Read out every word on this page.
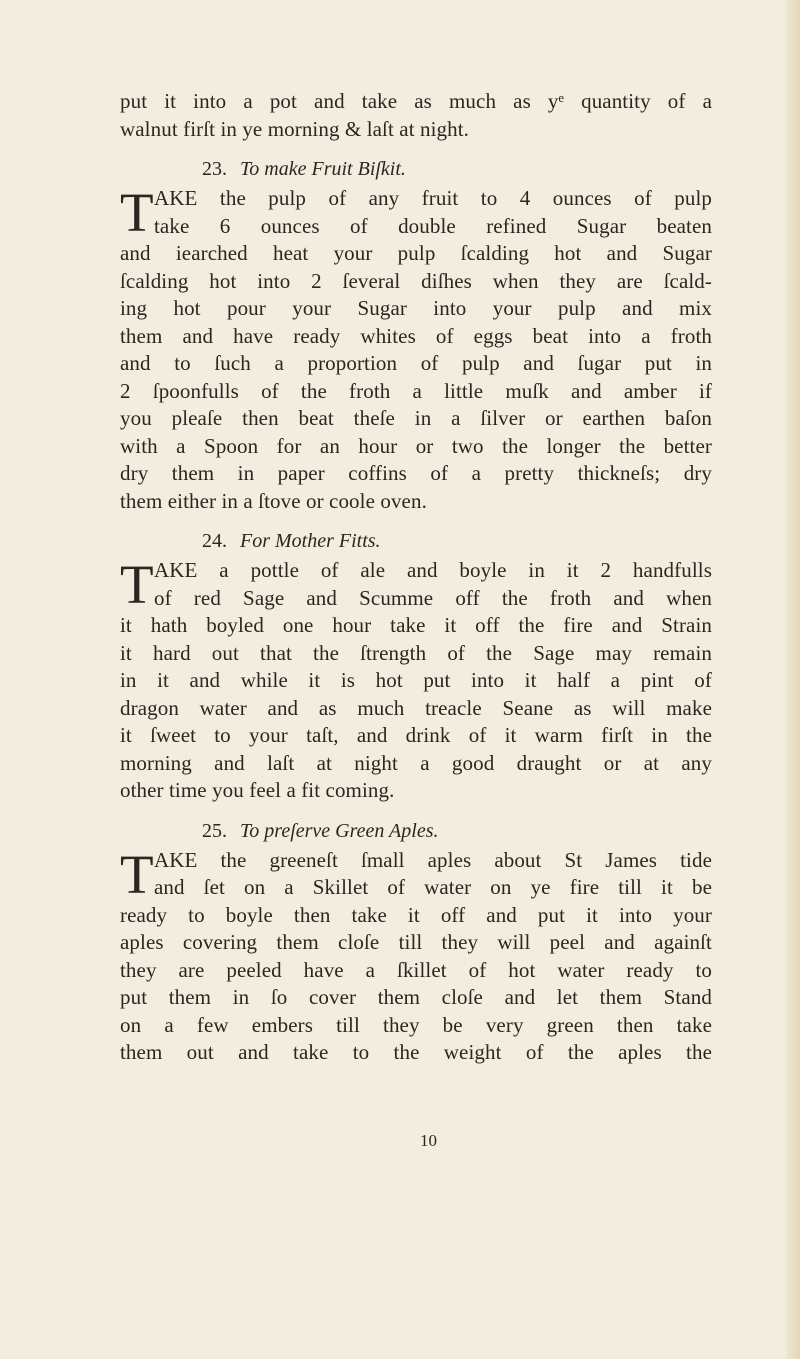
put it into a pot and take as much as yᵉ quantity of a
walnut firſt in ye morning & laſt at night.
23. To make Fruit Biſkit.
T AKE the pulp of any fruit to 4 ounces of pulp
take 6 ounces of double refined Sugar beaten
and iearched heat your pulp ſcalding hot and Sugar
ſcalding hot into 2 ſeveral diſhes when they are ſcald-
ing hot pour your Sugar into your pulp and mix
them and have ready whites of eggs beat into a froth
and to ſuch a proportion of pulp and ſugar put in
2 ſpoonfulls of the froth a little muſk and amber if
you pleaſe then beat theſe in a ſilver or earthen baſon
with a Spoon for an hour or two the longer the better
dry them in paper coffins of a pretty thickneſs; dry
them either in a ſtove or coole oven.
24. For Mother Fitts.
T AKE a pottle of ale and boyle in it 2 handfulls
of red Sage and Scumme off the froth and when
it hath boyled one hour take it off the fire and Strain
it hard out that the ſtrength of the Sage may remain
in it and while it is hot put into it half a pint of
dragon water and as much treacle Seane as will make
it ſweet to your taſt, and drink of it warm firſt in the
morning and laſt at night a good draught or at any
other time you feel a fit coming.
25. To preſerve Green Aples.
T AKE the greeneſt ſmall aples about St James tide
and ſet on a Skillet of water on ye fire till it be
ready to boyle then take it off and put it into your
aples covering them cloſe till they will peel and againſt
they are peeled have a ſkillet of hot water ready to
put them in ſo cover them cloſe and let them Stand
on a few embers till they be very green then take
them out and take to the weight of the aples the
10
